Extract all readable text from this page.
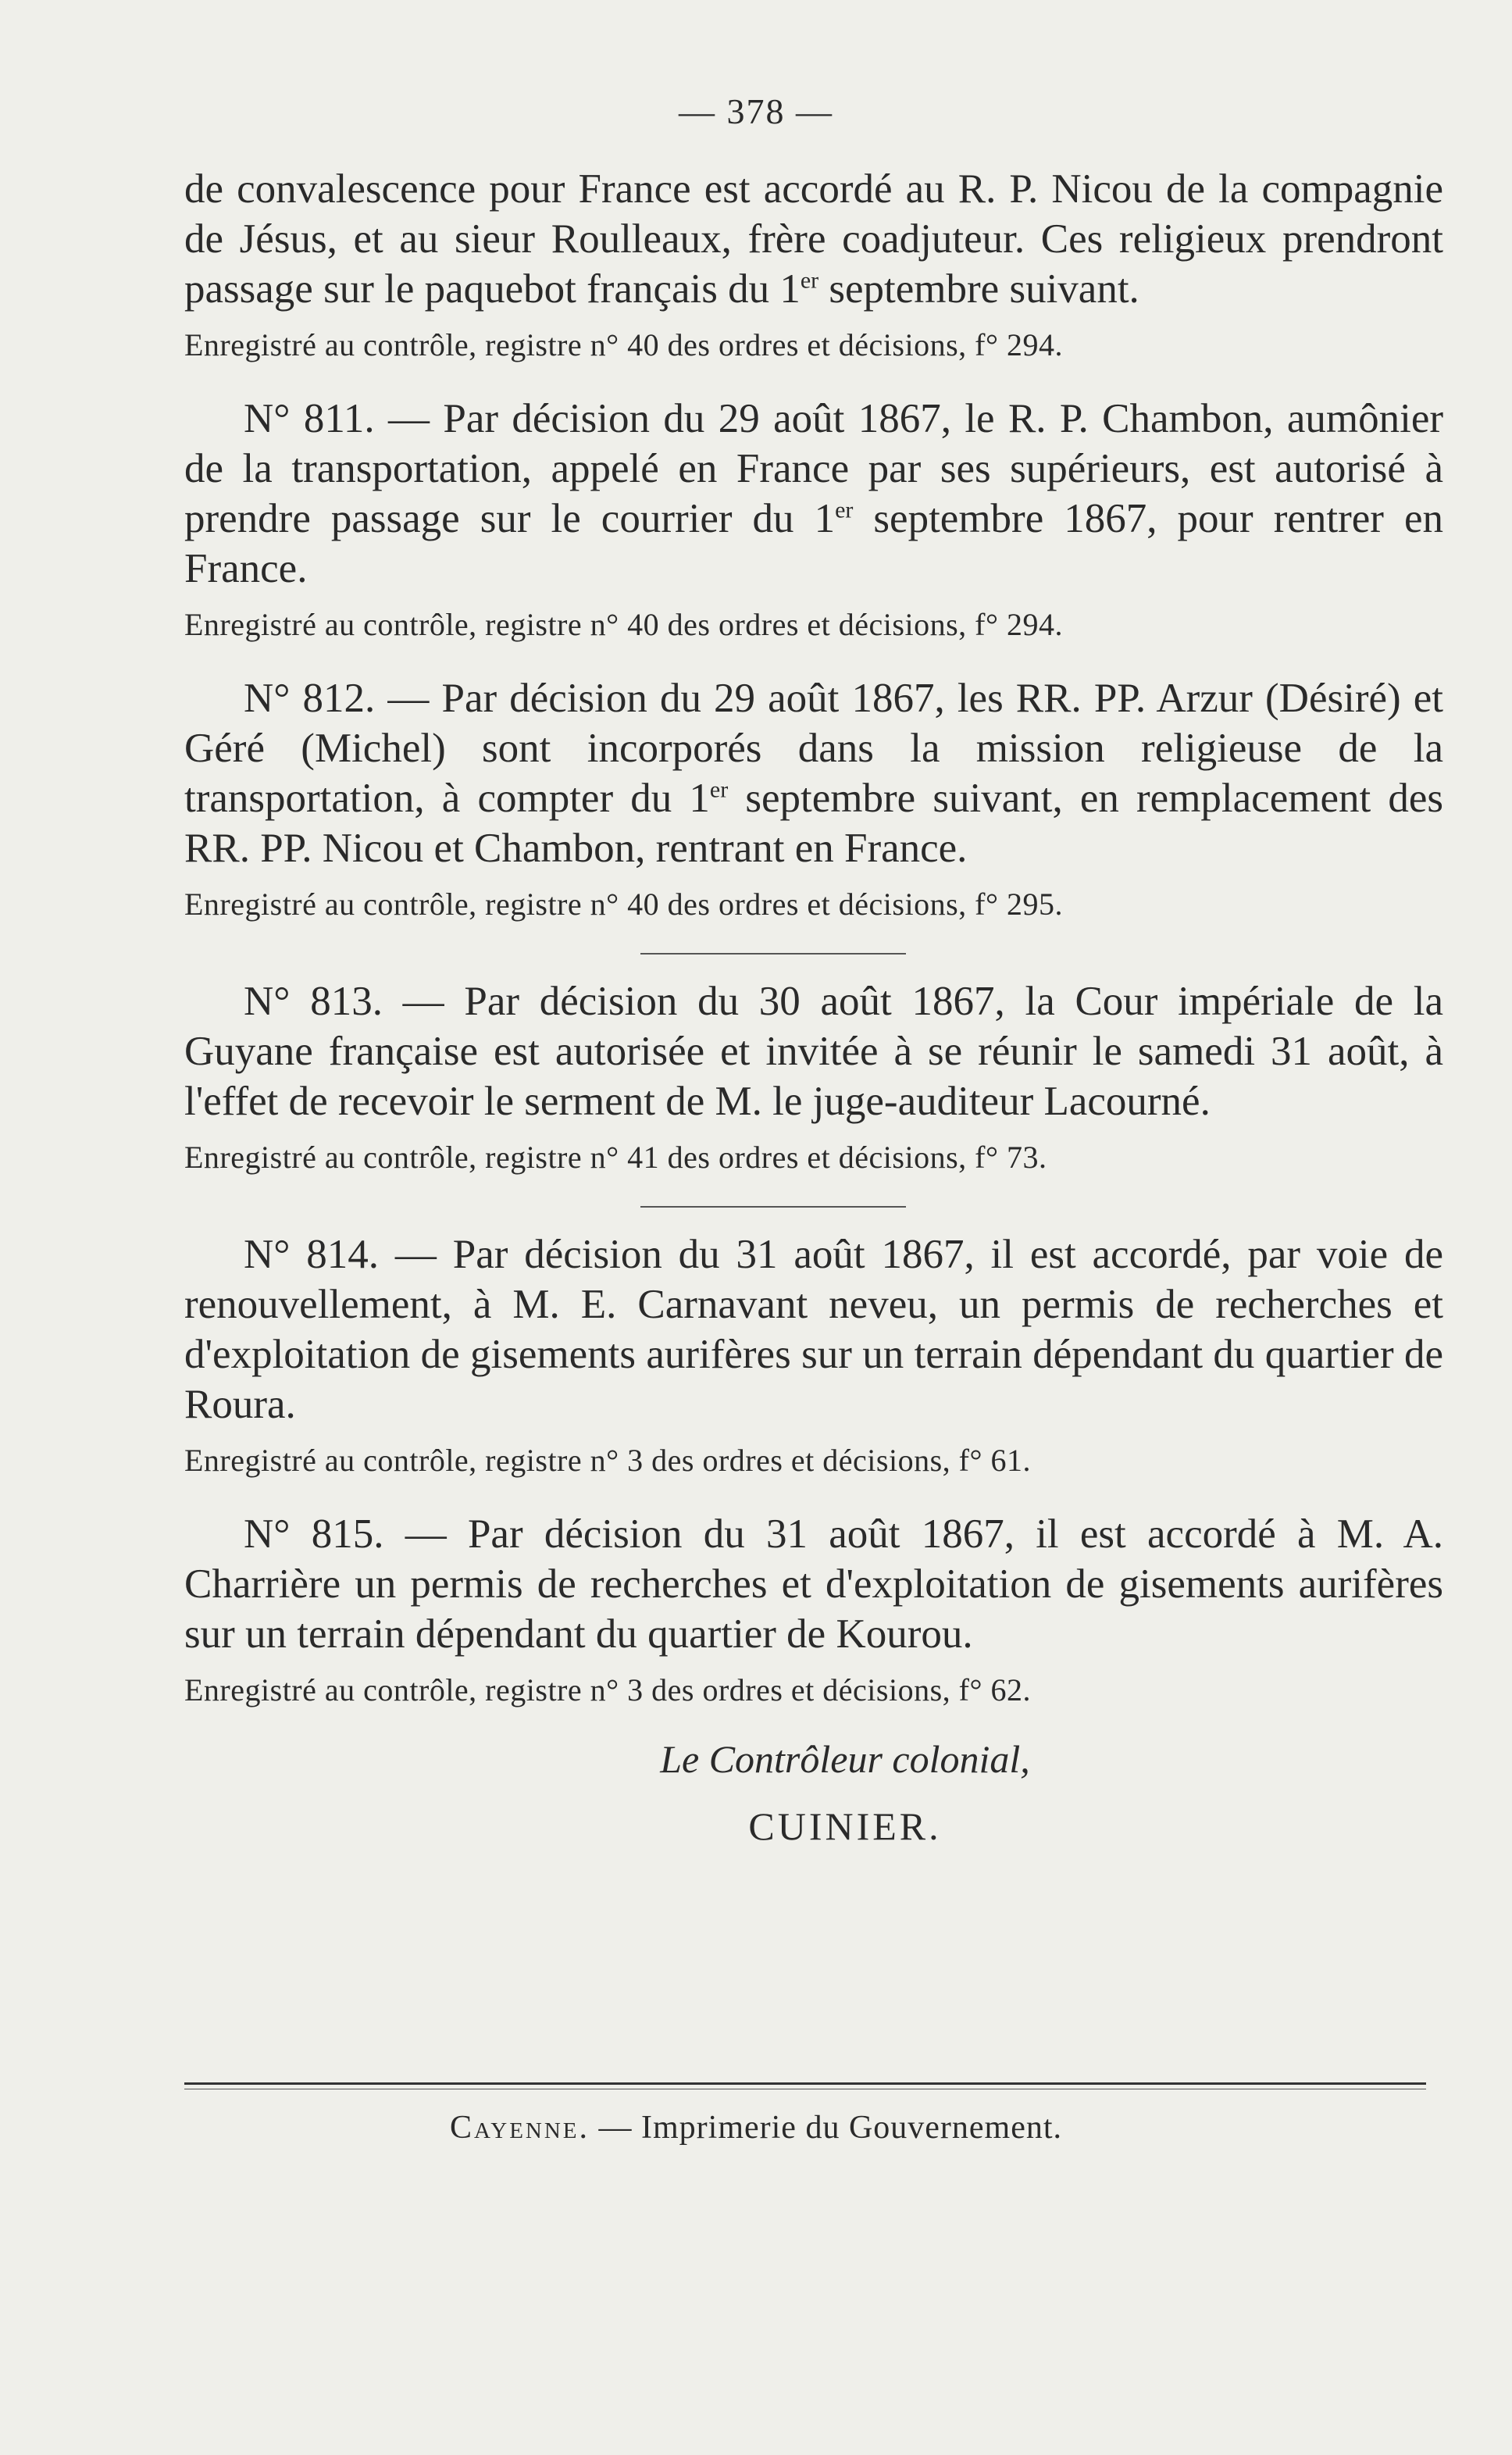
— 378 —

de convalescence pour France est accordé au R. P. Nicou de la compagnie de Jésus, et au sieur Roulleaux, frère coadjuteur. Ces religieux prendront passage sur le paquebot français du 1er septembre suivant.

Enregistré au contrôle, registre n° 40 des ordres et décisions, f° 294.

N° 811. — Par décision du 29 août 1867, le R. P. Chambon, aumônier de la transportation, appelé en France par ses supérieurs, est autorisé à prendre passage sur le courrier du 1er septembre 1867, pour rentrer en France.

Enregistré au contrôle, registre n° 40 des ordres et décisions, f° 294.

N° 812. — Par décision du 29 août 1867, les RR. PP. Arzur (Désiré) et Géré (Michel) sont incorporés dans la mission religieuse de la transportation, à compter du 1er septembre suivant, en remplacement des RR. PP. Nicou et Chambon, rentrant en France.

Enregistré au contrôle, registre n° 40 des ordres et décisions, f° 295.

N° 813. — Par décision du 30 août 1867, la Cour impériale de la Guyane française est autorisée et invitée à se réunir le samedi 31 août, à l'effet de recevoir le serment de M. le juge-auditeur Lacourné.

Enregistré au contrôle, registre n° 41 des ordres et décisions, f° 73.

N° 814. — Par décision du 31 août 1867, il est accordé, par voie de renouvellement, à M. E. Carnavant neveu, un permis de recherches et d'exploitation de gisements aurifères sur un terrain dépendant du quartier de Roura.

Enregistré au contrôle, registre n° 3 des ordres et décisions, f° 61.

N° 815. — Par décision du 31 août 1867, il est accordé à M. A. Charrière un permis de recherches et d'exploitation de gisements aurifères sur un terrain dépendant du quartier de Kourou.

Enregistré au contrôle, registre n° 3 des ordres et décisions, f° 62.

Le Contrôleur colonial,

CUINIER.

Cayenne. — Imprimerie du Gouvernement.
